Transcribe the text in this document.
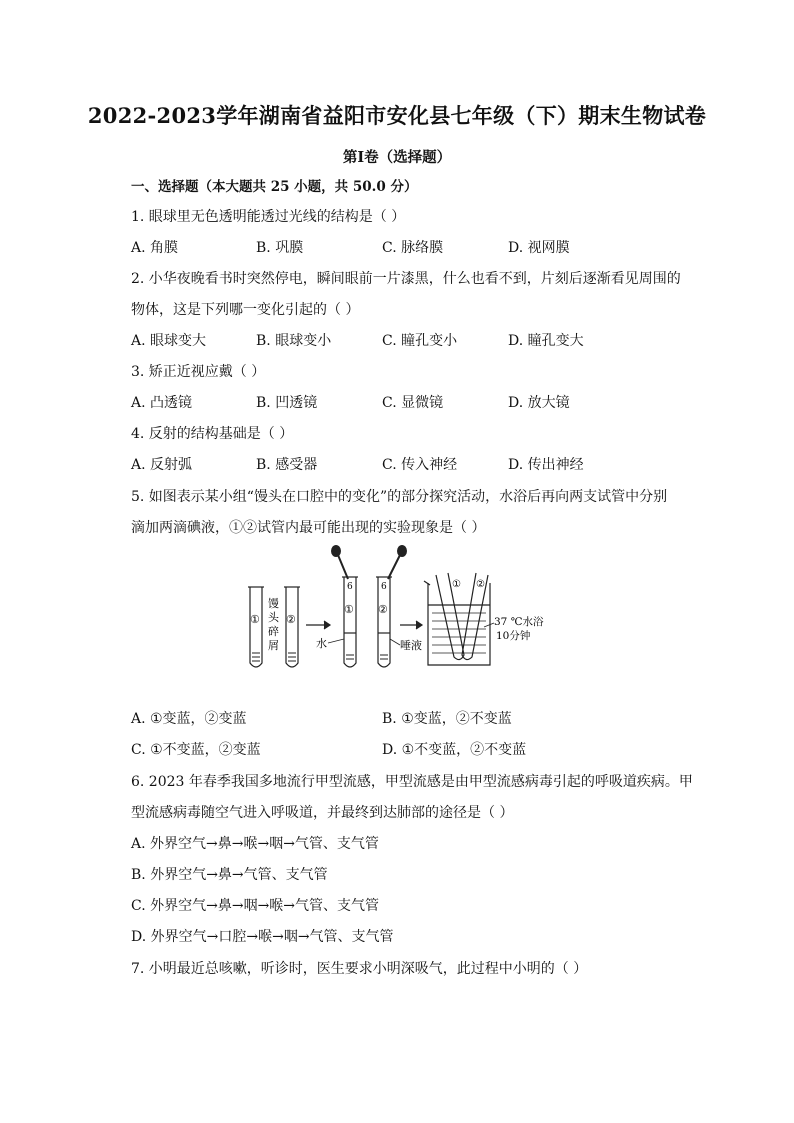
2022-2023学年湖南省益阳市安化县七年级（下）期末生物试卷
第I卷（选择题）
一、选择题（本大题共 25 小题，共 50.0 分）
1. 眼球里无色透明能透过光线的结构是（ ）
A. 角膜	B. 巩膜	C. 脉络膜	D. 视网膜
2. 小华夜晚看书时突然停电，瞬间眼前一片漆黑，什么也看不到，片刻后逐渐看见周围的
物体，这是下列哪一变化引起的（ ）
A. 眼球变大	B. 眼球变小	C. 瞳孔变小	D. 瞳孔变大
3. 矫正近视应戴（ ）
A. 凸透镜	B. 凹透镜	C. 显微镜	D. 放大镜
4. 反射的结构基础是（ ）
A. 反射弧	B. 感受器	C. 传入神经	D. 传出神经
5. 如图表示某小组“馒头在口腔中的变化”的部分探究活动，水浴后再向两支试管中分别
滴加两滴碘液，①②试管内最可能出现的实验现象是（ ）
① ②
馒
头
碎
屑
① ②
6	6
水	唾液
① ②
37 ℃水浴
10分钟
A. ①变蓝，②变蓝	B. ①变蓝，②不变蓝
C. ①不变蓝，②变蓝	D. ①不变蓝，②不变蓝
6. 2023 年春季我国多地流行甲型流感，甲型流感是由甲型流感病毒引起的呼吸道疾病。甲
型流感病毒随空气进入呼吸道，并最终到达肺部的途径是（ ）
A. 外界空气→鼻→喉→咽→气管、支气管
B. 外界空气→鼻→气管、支气管
C. 外界空气→鼻→咽→喉→气管、支气管
D. 外界空气→口腔→喉→咽→气管、支气管
7. 小明最近总咳嗽，听诊时，医生要求小明深吸气，此过程中小明的（ ）
